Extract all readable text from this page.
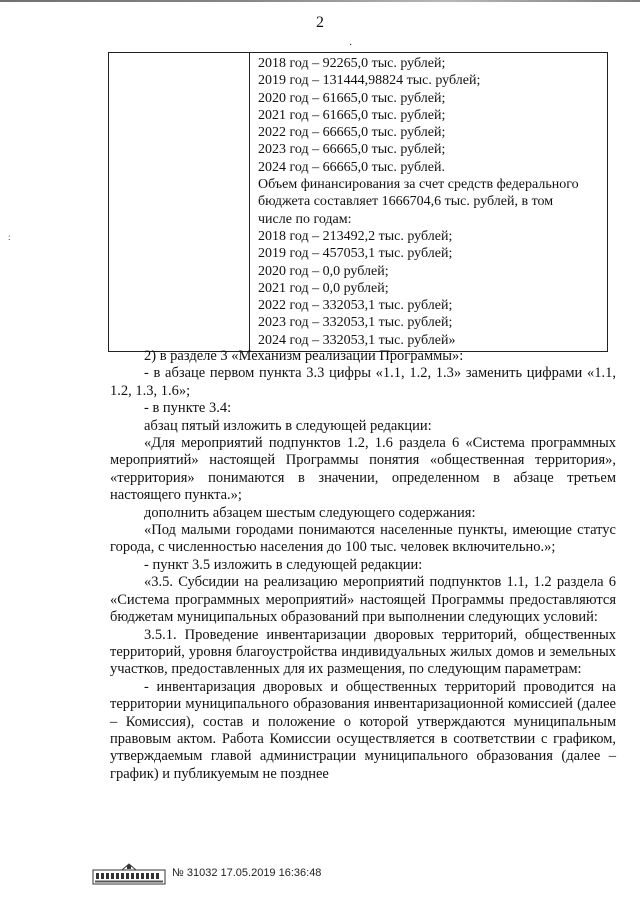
2
·
:

2018 год – 92265,0 тыс. рублей;
2019 год – 131444,98824 тыс. рублей;
2020 год – 61665,0 тыс. рублей;
2021 год – 61665,0 тыс. рублей;
2022 год – 66665,0 тыс. рублей;
2023 год – 66665,0 тыс. рублей;
2024 год – 66665,0 тыс. рублей.
Объем финансирования за счет средств федерального
бюджета составляет 1666704,6 тыс. рублей, в том
числе по годам:
2018 год – 213492,2 тыс. рублей;
2019 год – 457053,1 тыс. рублей;
2020 год – 0,0 рублей;
2021 год – 0,0 рублей;
2022 год – 332053,1 тыс. рублей;
2023 год – 332053,1 тыс. рублей;
2024 год – 332053,1 тыс. рублей»

2) в разделе 3 «Механизм реализации Программы»:

- в абзаце первом пункта 3.3 цифры «1.1, 1.2, 1.3» заменить цифрами «1.1, 1.2, 1.3, 1.6»;

- в пункте 3.4:

абзац пятый изложить в следующей редакции:

«Для мероприятий подпунктов 1.2, 1.6 раздела 6 «Система программных мероприятий» настоящей Программы понятия «общественная территория», «территория» понимаются в значении, определенном в абзаце третьем настоящего пункта.»;

дополнить абзацем шестым следующего содержания:

«Под малыми городами понимаются населенные пункты, имеющие статус города, с численностью населения до 100 тыс. человек включительно.»;

- пункт 3.5 изложить в следующей редакции:

«3.5. Субсидии на реализацию мероприятий подпунктов 1.1, 1.2 раздела 6 «Система программных мероприятий» настоящей Программы предоставляются бюджетам муниципальных образований при выполнении следующих условий:

3.5.1. Проведение инвентаризации дворовых территорий, общественных территорий, уровня благоустройства индивидуальных жилых домов и земельных участков, предоставленных для их размещения, по следующим параметрам:

- инвентаризация дворовых и общественных территорий проводится на территории муниципального образования инвентаризационной комиссией (далее – Комиссия), состав и положение о которой утверждаются муниципальным правовым актом. Работа Комиссии осуществляется в соответствии с графиком, утверждаемым главой администрации муниципального образования (далее – график) и публикуемым не позднее

№ 31032 17.05.2019 16:36:48
